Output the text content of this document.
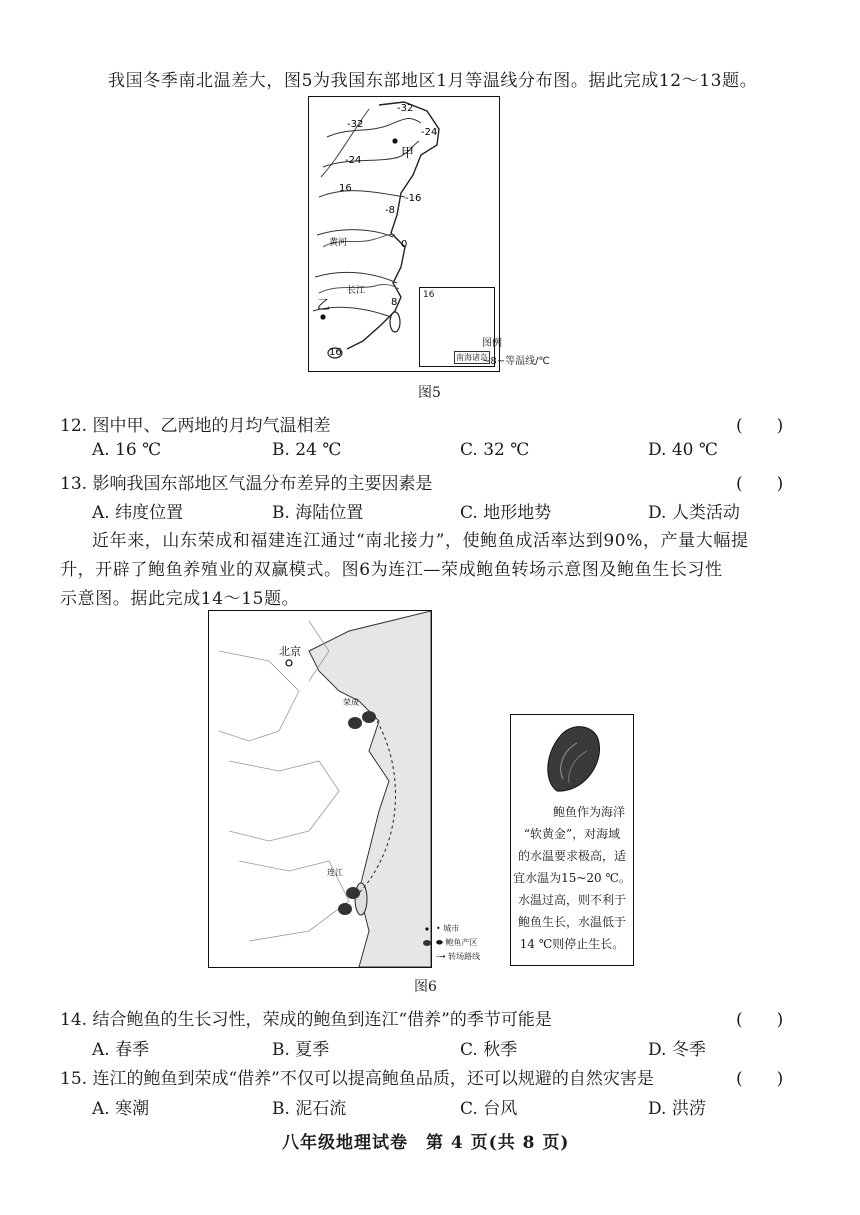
我国冬季南北温差大，图5为我国东部地区1月等温线分布图。据此完成12～13题。
-32
-32
-24
-24	甲
16
-16
-8
黄河	0
长江
乙	8
16
16
南海诸岛
图例
~8~等温线/℃
图5
12. 图中甲、乙两地的月均气温相差	(　　)
A. 16 ℃	B. 24 ℃	C. 32 ℃	D. 40 ℃
13. 影响我国东部地区气温分布差异的主要因素是	(　　)
A. 纬度位置	B. 海陆位置	C. 地形地势	D. 人类活动
近年来，山东荣成和福建连江通过“南北接力”，使鲍鱼成活率达到90%，产量大幅提
升，开辟了鲍鱼养殖业的双赢模式。图6为连江—荣成鲍鱼转场示意图及鲍鱼生长习性
示意图。据此完成14～15题。
北京
荣成
连江
• 城市
⬬ 鲍鱼产区
-→ 转场路线
鲍鱼作为海洋
“软黄金”，对海域
的水温要求极高，适
宜水温为15~20 ℃。
水温过高，则不利于
鲍鱼生长，水温低于
14 ℃则停止生长。
图6
14. 结合鲍鱼的生长习性，荣成的鲍鱼到连江“借养”的季节可能是	(　　)
A. 春季	B. 夏季	C. 秋季	D. 冬季
15. 连江的鲍鱼到荣成“借养”不仅可以提高鲍鱼品质，还可以规避的自然灾害是	(　　)
A. 寒潮	B. 泥石流	C. 台风	D. 洪涝
八年级地理试卷　第 4 页(共 8 页)
